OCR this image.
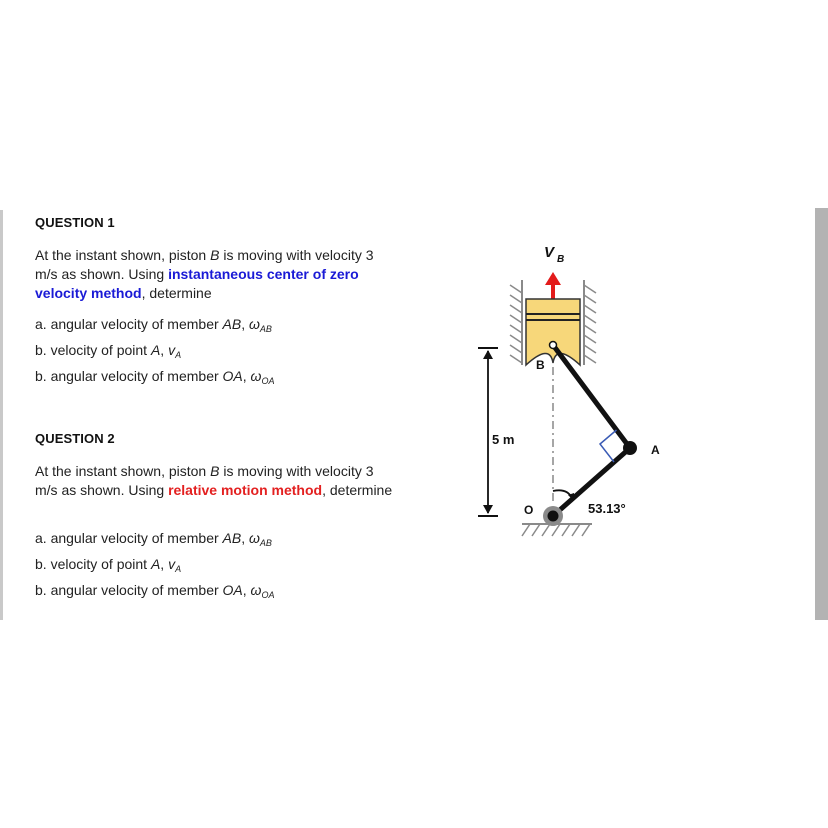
QUESTION 1
At the instant shown, piston B is moving with velocity 3 m/s as shown. Using instantaneous center of zero velocity method, determine
a. angular velocity of member AB, $\omega_{AB}$
b. velocity of point A, $v_A$
b. angular velocity of member OA, $\omega_{OA}$
QUESTION 2
At the instant shown, piston B is moving with velocity 3 m/s as shown. Using relative motion method, determine
a. angular velocity of member AB, $\omega_{AB}$
b. velocity of point A, $v_A$
b. angular velocity of member OA, $\omega_{OA}$
V B
B
A
O
5 m
53.13°
